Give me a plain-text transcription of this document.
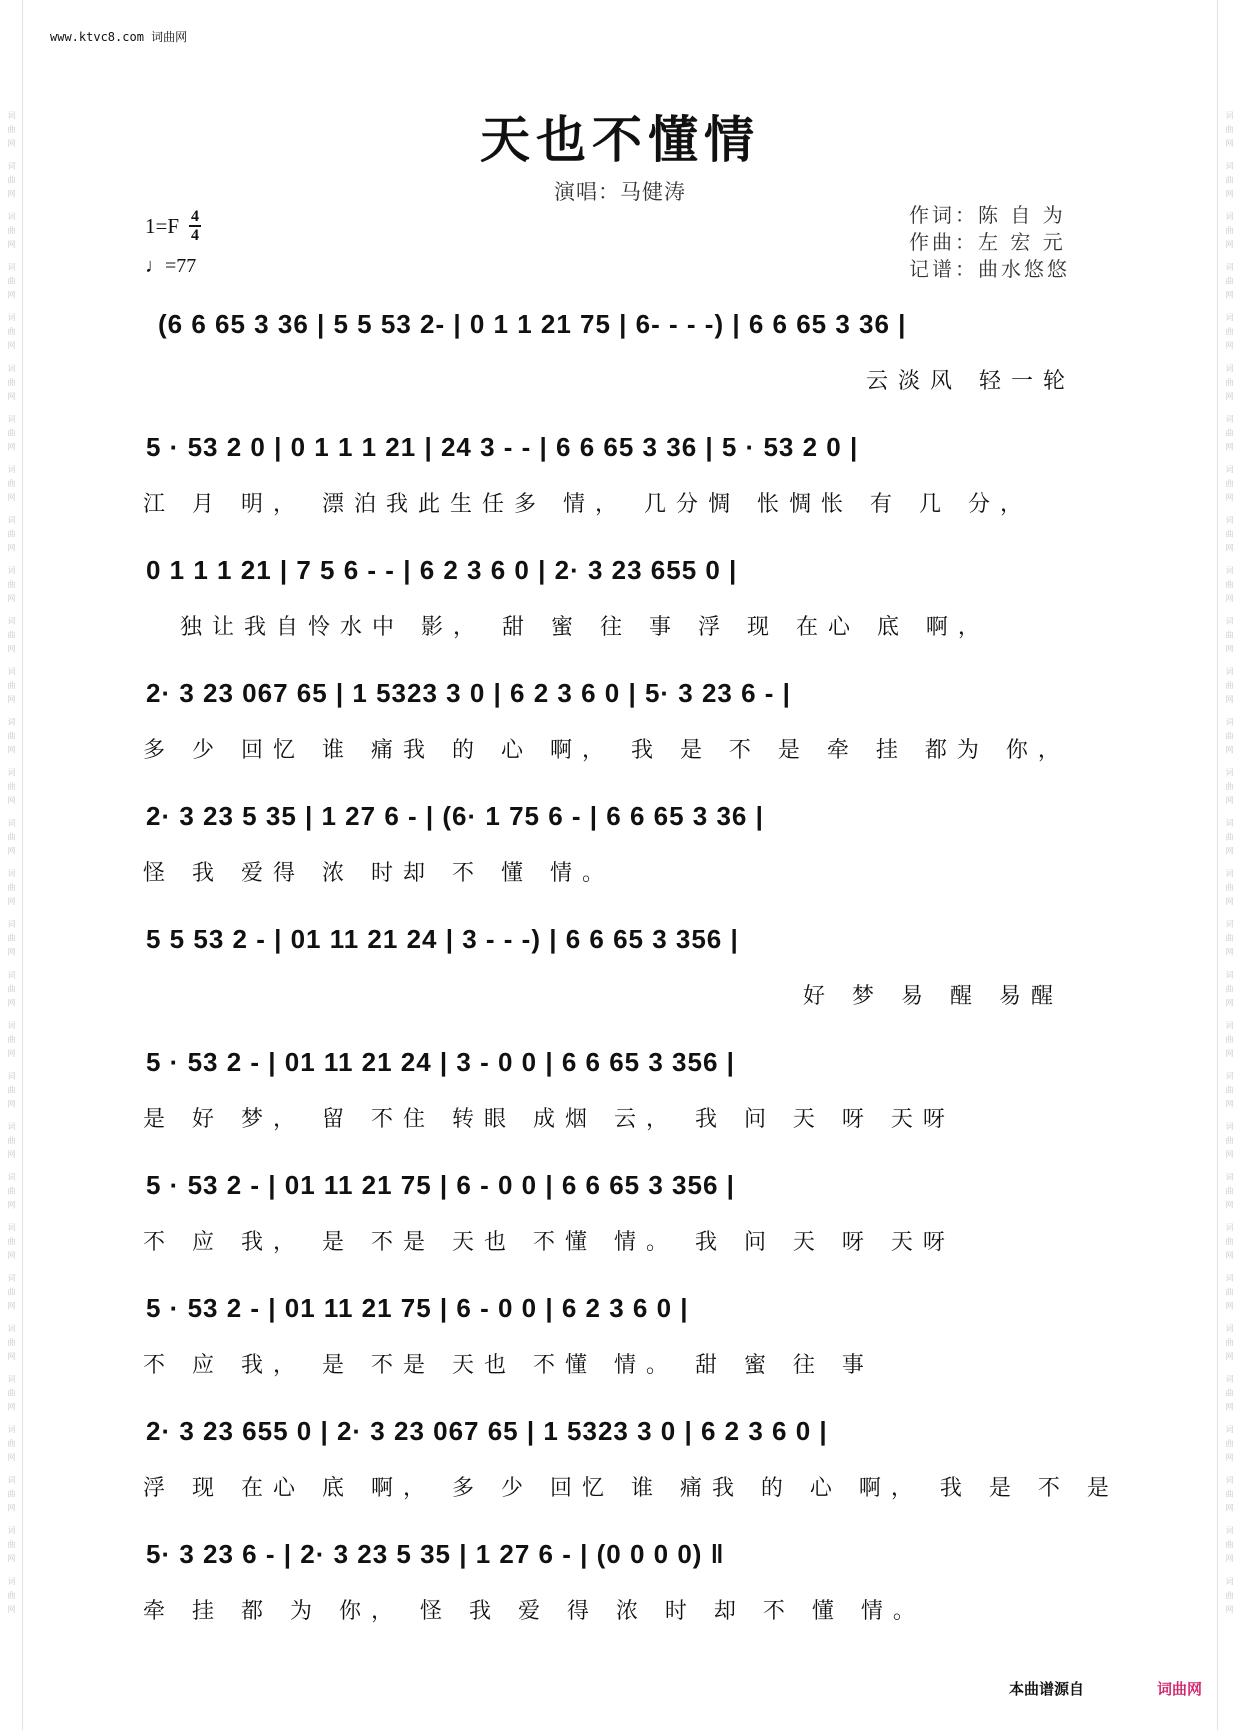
词曲网 词曲网 词曲网 词曲网 词曲网 词曲网 词曲网 词曲网 词曲网 词曲网 词曲网 词曲网 词曲网 词曲网 词曲网 词曲网 词曲网 词曲网 词曲网 词曲网 词曲网 词曲网 词曲网 词曲网 词曲网 词曲网 词曲网 词曲网 词曲网 词曲网	词曲网 词曲网 词曲网 词曲网 词曲网 词曲网 词曲网 词曲网 词曲网 词曲网 词曲网 词曲网 词曲网 词曲网 词曲网 词曲网 词曲网 词曲网 词曲网 词曲网 词曲网 词曲网 词曲网 词曲网 词曲网 词曲网 词曲网 词曲网 词曲网 词曲网
www.ktvc8.com 词曲网
天也不懂情
演唱：马健涛
$1=F \frac{4}{4}$
♩=77
作词：陈 自 为
作曲：左 宏 元
记谱：曲水悠悠
(6 6 65 3 36 | 5 5 53 2- | 0 1 1 21 75 | 6- - - -) | 6 6 65 3 36 |
5 · 53 2 0 | 0 1 1 1 21 | 24 3 - - | 6 6 65 3 36 | 5 · 53 2 0 |
0 1 1 1 21 | 7 5 6 - - | 6 2 3 6 0 | 2· 3 23 655 0 |
2· 3 23 067 65 | 1 5323 3 0 | 6 2 3 6 0 | 5· 3 23 6 - |
2· 3 23 5 35 | 1 27 6 - | (6· 1 75 6 - | 6 6 65 3 36 |
5 5 53 2 - | 01 11 21 24 | 3 - - -) | 6 6 65 3 356 |
5 · 53 2 - | 01 11 21 24 | 3 - 0 0 | 6 6 65 3 356 |
5 · 53 2 - | 01 11 21 75 | 6 - 0 0 | 6 6 65 3 356 |
5 · 53 2 - | 01 11 21 75 | 6 - 0 0 | 6 2 3 6 0 |
2· 3 23 655 0 | 2· 3 23 067 65 | 1 5323 3 0 | 6 2 3 6 0 |
5· 3 23 6 - | 2· 3 23 5 35 | 1 27 6 - | (0 0 0 0) ‖
云淡风 轻一轮
江 月 明， 漂泊我此生任多 情， 几分惆 怅惆怅 有 几 分，
独让我自怜水中 影， 甜 蜜 往 事 浮 现 在心 底 啊，
多 少 回忆 谁 痛我 的 心 啊， 我 是 不 是 牵 挂 都为 你，
怪 我 爱得 浓 时却 不 懂 情。
好 梦 易 醒 易醒
是 好 梦， 留 不住 转眼 成烟 云， 我 问 天 呀 天呀
不 应 我， 是 不是 天也 不懂 情。 我 问 天 呀 天呀
不 应 我， 是 不是 天也 不懂 情。 甜 蜜 往 事
浮 现 在心 底 啊， 多 少 回忆 谁 痛我 的 心 啊， 我 是 不 是
牵 挂 都 为 你， 怪 我 爱 得 浓 时 却 不 懂 情。
本曲谱源自	词曲网
